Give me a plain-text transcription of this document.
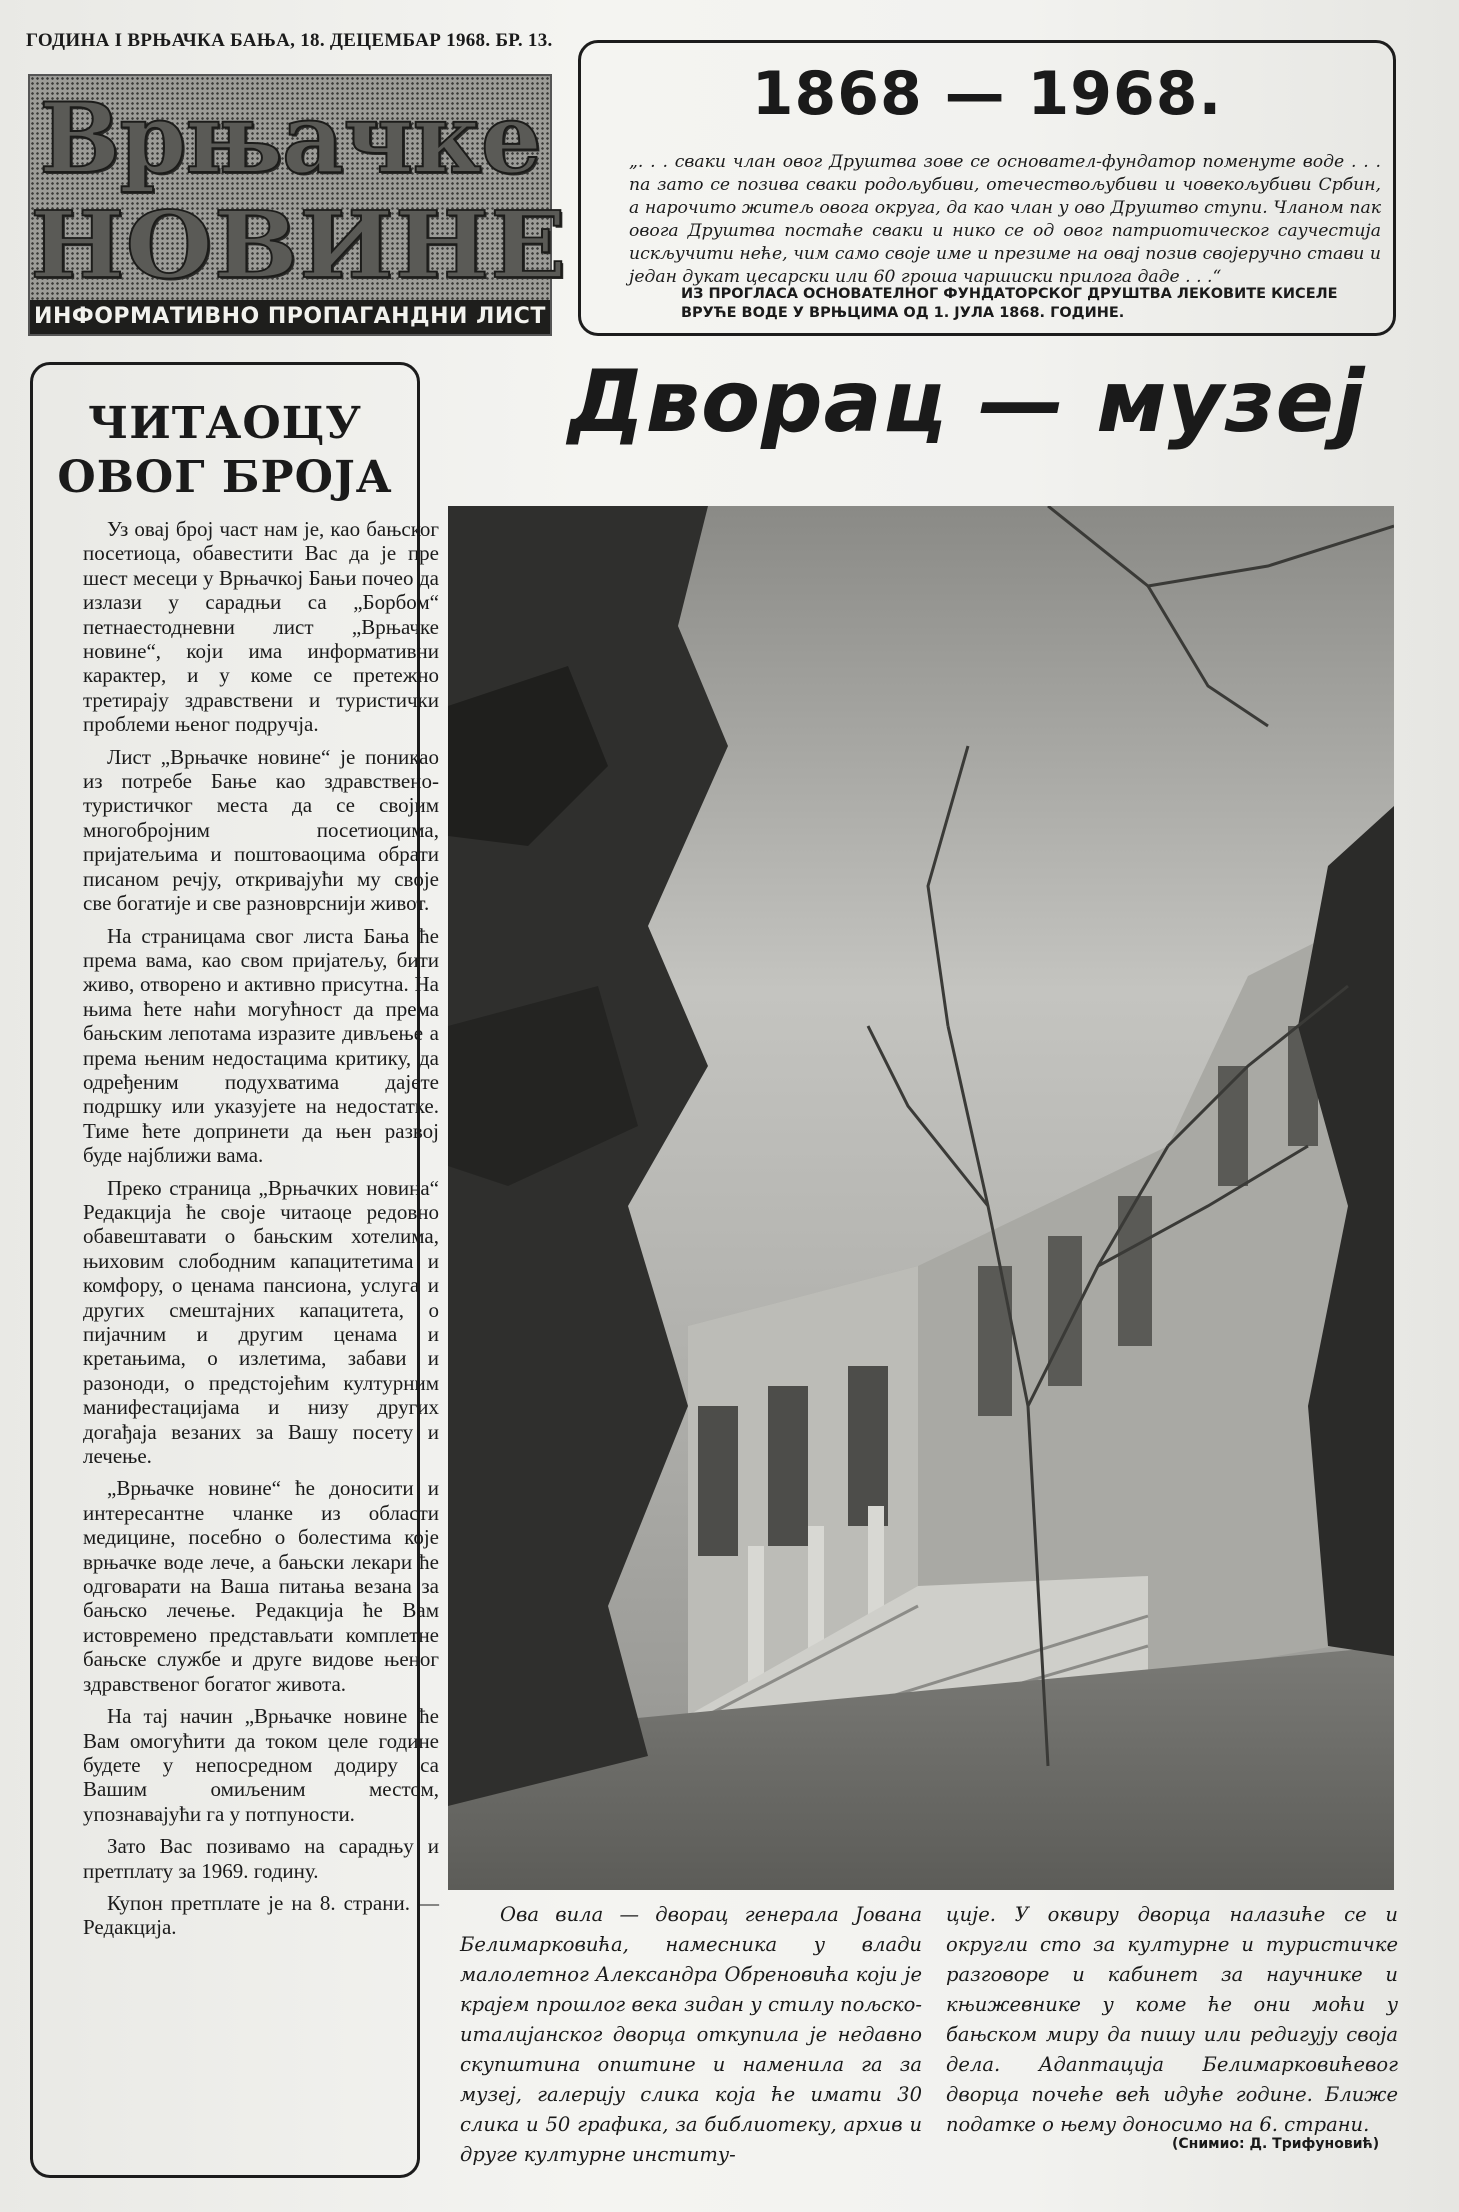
ГОДИНА I ВРЊАЧКА БАЊА, 18. ДЕЦЕМБАР 1968. БР. 13.
Врњачке
НОВИНЕ
ИНФОРМАТИВНО ПРОПАГАНДНИ ЛИСТ
1868 — 1968.
„. . . сваки члан овог Друштва зове се основател-фундатор поменуте воде . . . па зато се позива сваки родољубиви, отечествољубиви и човекољубиви Србин, а нарочито житељ овога округа, да као члан у ово Друштво ступи. Чланом пак овога Друштва постаће сваки и нико се од овог патриотическог саучестија искључити неће, чим само своје име и презиме на овај позив својеручно стави и један дукат цесарски или 60 гроша чаршиски прилога даде . . .“
ИЗ ПРОГЛАСА ОСНОВАТЕЛНОГ ФУНДАТОРСКОГ ДРУШТВА ЛЕКОВИТЕ КИСЕЛЕ ВРУЋЕ ВОДЕ У ВРЊЦИМА ОД 1. ЈУЛА 1868. ГОДИНЕ.
ЧИТАОЦУ ОВОГ БРОЈА

Уз овај број част нам је, као бањског посетиоца, обавестити Вас да је пре шест месеци у Врњачкој Бањи почео да излази у сарадњи са „Борбом“ петнаестодневни лист „Врњачке новине“, који има информативни карактер, и у коме се претежно третирају здравствени и туристички проблеми њеног подручја.

Лист „Врњачке новине“ је поникао из потребе Бање као здравствено-туристичког места да се својим многобројним посетиоцима, пријатељима и поштоваоцима обрати писаном речју, откривајући му своје све богатије и све разноврснији живот.

На страницама свог листа Бања ће према вама, као свом пријатељу, бити живо, отворено и активно присутна. На њима ћете наћи могућност да према бањским лепотама изразите дивљење а према њеним недостацима критику, да одређеним подухватима дајете подршку или указујете на недостатке. Тиме ћете допринети да њен развој буде најближи вама.

Преко страница „Врњачких новина“ Редакција ће своје читаоце редовно обавештавати о бањским хотелима, њиховим слободним капацитетима и комфору, о ценама пансиона, услуга и других смештајних капацитета, о пијачним и другим ценама и кретањима, о излетима, забави и разоноди, о предстојећим културним манифестацијама и низу других догађаја везаних за Вашу посету и лечење.

„Врњачке новине“ ће доносити и интересантне чланке из области медицине, посебно о болестима које врњачке воде лече, а бањски лекари ће одговарати на Ваша питања везана за бањско лечење. Редакција ће Вам истовремено представљати комплетне бањске службе и друге видове њеног здравственог богатог живота.

На тај начин „Врњачке новине ће Вам омогућити да током целе године будете у непосредном додиру са Вашим омиљеним местом, упознавајући га у потпуности.

Зато Вас позивамо на сарадњу и претплату за 1969. годину.

Купон претплате је на 8. страни. — Редакција.

Дворац — музеј
Ова вила — дворац генерала Јована Белимарковића, намесника у влади малолетног Александра Обреновића који је крајем прошлог века зидан у стилу пољско-италијанског дворца откупила је недавно скупштина општине и наменила га за музеј, галерију слика која ће имати 30 слика и 50 графика, за библиотеку, архив и друге културне институ-
ције. У оквиру дворца налазиће се и округли сто за културне и туристичке разговоре и кабинет за научнике и књижевнике у коме ће они моћи у бањском миру да пишу или редигују своја дела. Адаптација Белимарковићевог дворца почеће већ идуће године. Ближе податке о њему доносимо на 6. страни.
(Снимио: Д. Трифуновић)
